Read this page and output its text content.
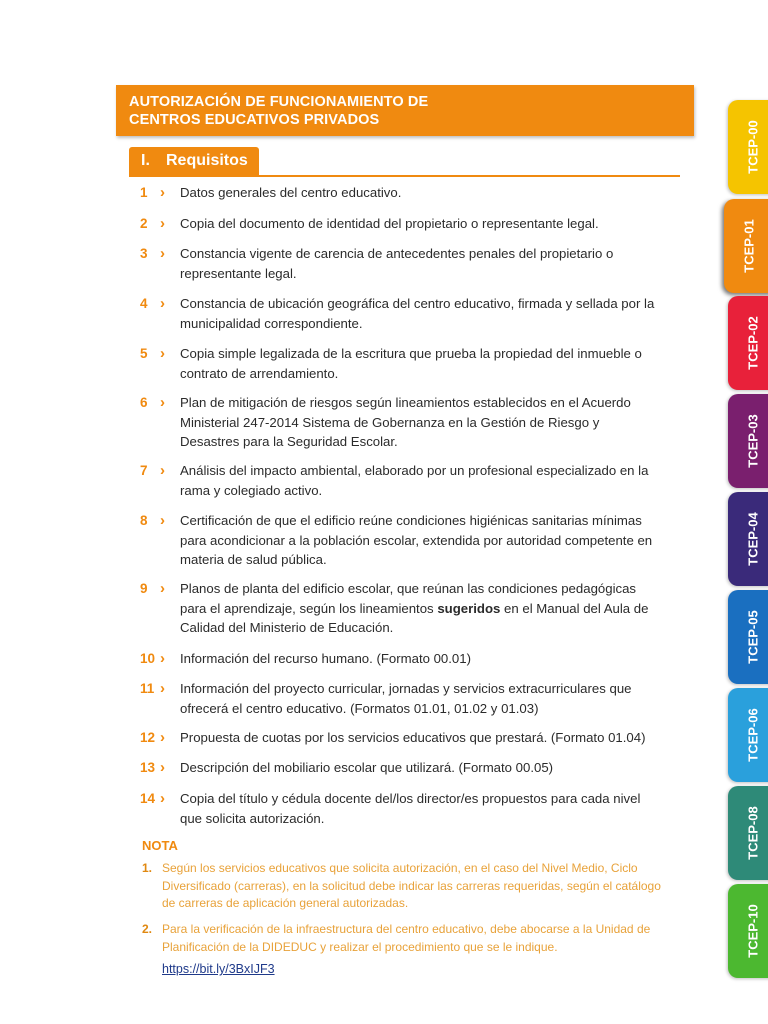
AUTORIZACIÓN DE FUNCIONAMIENTO DE
CENTROS EDUCATIVOS PRIVADOS
I. Requisitos
1 › Datos generales del centro educativo.
2 › Copia del documento de identidad del propietario o representante legal.
3 › Constancia vigente de carencia de antecedentes penales del propietario o representante legal.
4 › Constancia de ubicación geográfica del centro educativo, firmada y sellada por la municipalidad correspondiente.
5 › Copia simple legalizada de la escritura que prueba la propiedad del inmueble o contrato de arrendamiento.
6 › Plan de mitigación de riesgos según lineamientos establecidos en el Acuerdo Ministerial 247-2014 Sistema de Gobernanza en la Gestión de Riesgo y Desastres para la Seguridad Escolar.
7 › Análisis del impacto ambiental, elaborado por un profesional especializado en la rama y colegiado activo.
8 › Certificación de que el edificio reúne condiciones higiénicas sanitarias mínimas para acondicionar a la población escolar, extendida por autoridad competente en materia de salud pública.
9 › Planos de planta del edificio escolar, que reúnan las condiciones pedagógicas para el aprendizaje, según los lineamientos sugeridos en el Manual del Aula de Calidad del Ministerio de Educación.
10 › Información del recurso humano. (Formato 00.01)
11 › Información del proyecto curricular, jornadas y servicios extracurriculares que ofrecerá el centro educativo. (Formatos 01.01, 01.02 y 01.03)
12 › Propuesta de cuotas por los servicios educativos que prestará. (Formato 01.04)
13 › Descripción del mobiliario escolar que utilizará. (Formato 00.05)
14 › Copia del título y cédula docente del/los director/es propuestos para cada nivel que solicita autorización.
NOTA
1. Según los servicios educativos que solicita autorización, en el caso del Nivel Medio, Ciclo Diversificado (carreras), en la solicitud debe indicar las carreras requeridas, según el catálogo de carreras de aplicación general autorizadas.
2. Para la verificación de la infraestructura del centro educativo, debe abocarse a la Unidad de Planificación de la DIDEDUC y realizar el procedimiento que se le indique.
https://bit.ly/3BxIJF3
TCEP-00
TCEP-01
TCEP-02
TCEP-03
TCEP-04
TCEP-05
TCEP-06
TCEP-08
TCEP-10
